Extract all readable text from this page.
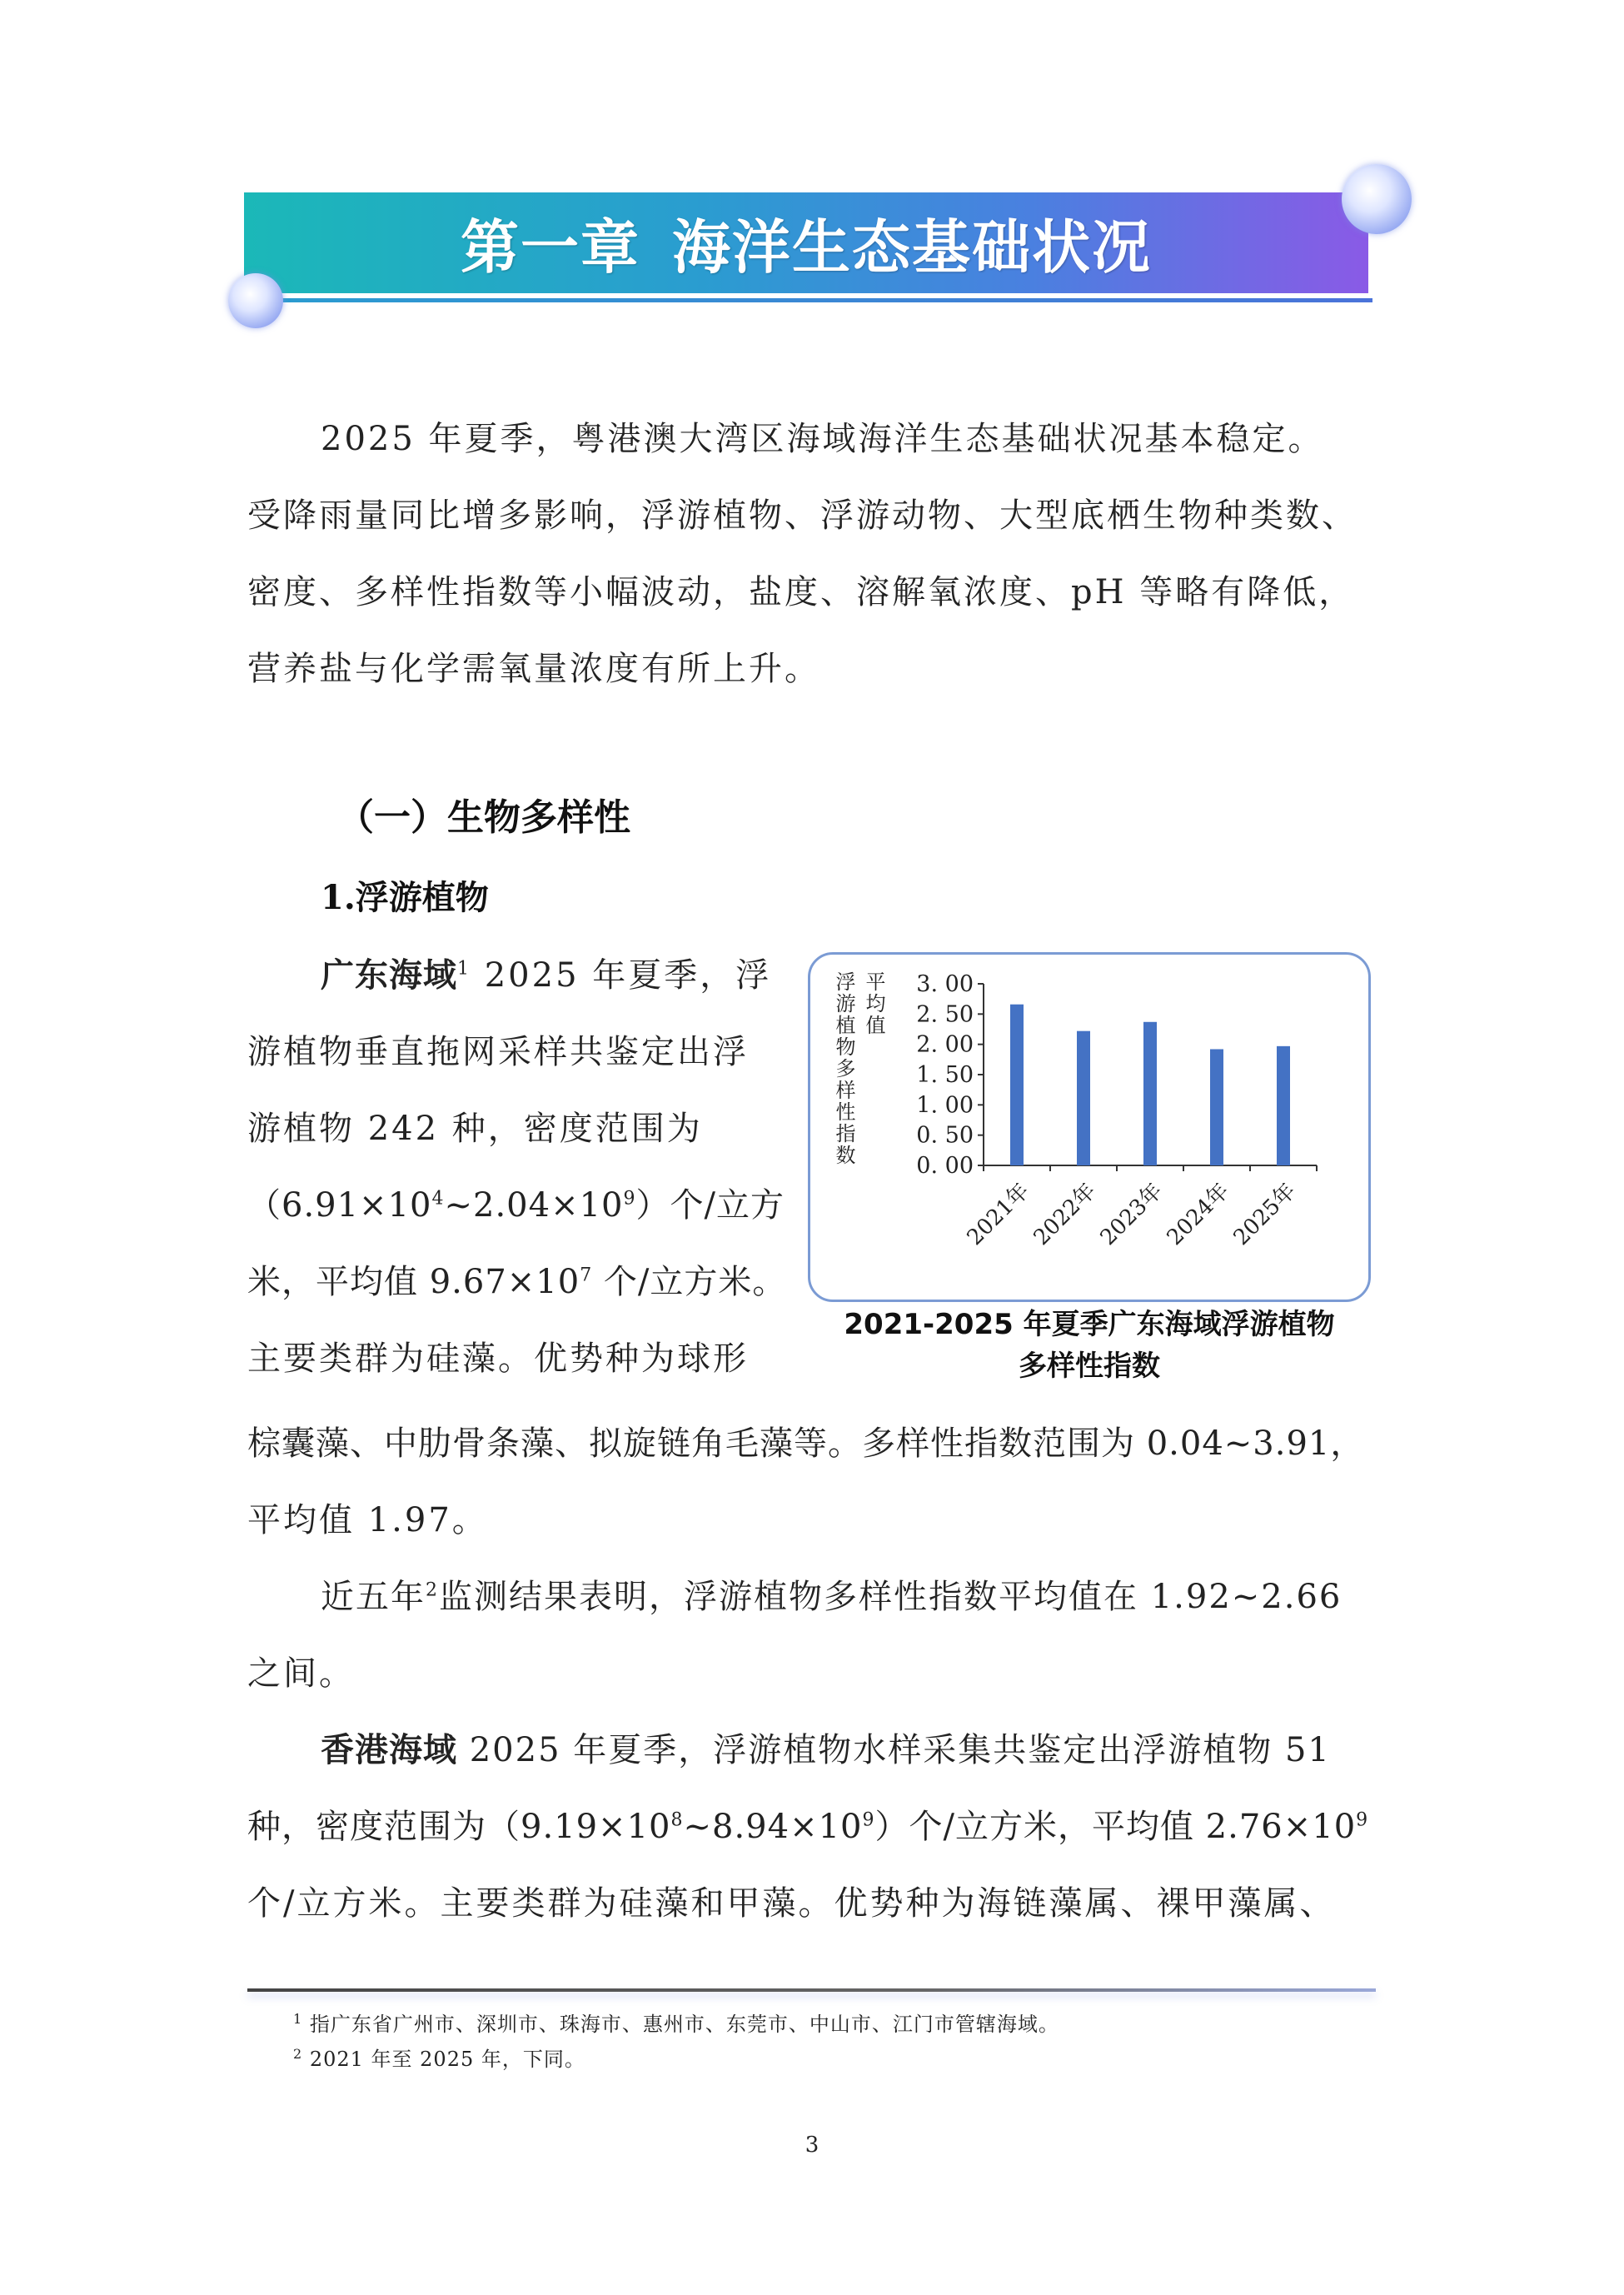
第一章 海洋生态基础状况
2025 年夏季，粤港澳大湾区海域海洋生态基础状况基本稳定。
受降雨量同比增多影响，浮游植物、浮游动物、大型底栖生物种类数、
密度、多样性指数等小幅波动，盐度、溶解氧浓度、pH 等略有降低，
营养盐与化学需氧量浓度有所上升。
（一）生物多样性
1.浮游植物
广东海域$^1$ 2025 年夏季，浮
游植物垂直拖网采样共鉴定出浮
游植物 242 种，密度范围为
$(6.91\times 10^4\sim 2.04\times 10^9)$个/立方
米，平均值 $9.67\times 10^7$ 个/立方米。
主要类群为硅藻。优势种为球形
棕囊藻、中肋骨条藻、拟旋链角毛藻等。多样性指数范围为 0.04~3.91，
平均值 1.97。
近五年$^2$监测结果表明，浮游植物多样性指数平均值在 1.92~2.66
之间。
香港海域 2025 年夏季，浮游植物水样采集共鉴定出浮游植物 51
种，密度范围为$(9.19\times 10^8\sim 8.94\times 10^9)$个/立方米，平均值 $2.76\times 10^9$
个/立方米。主要类群为硅藻和甲藻。优势种为海链藻属、裸甲藻属、
0. 00
0. 50
1. 00
1. 50
2. 00
2. 50
3. 00
浮游植物多样性指数 平均值
2021年
2022年
2023年
2024年
2025年
2021-2025 年夏季广东海域浮游植物
多样性指数
$^1$ 指广东省广州市、深圳市、珠海市、惠州市、东莞市、中山市、江门市管辖海域。
$^2$ 2021 年至 2025 年，下同。
3
